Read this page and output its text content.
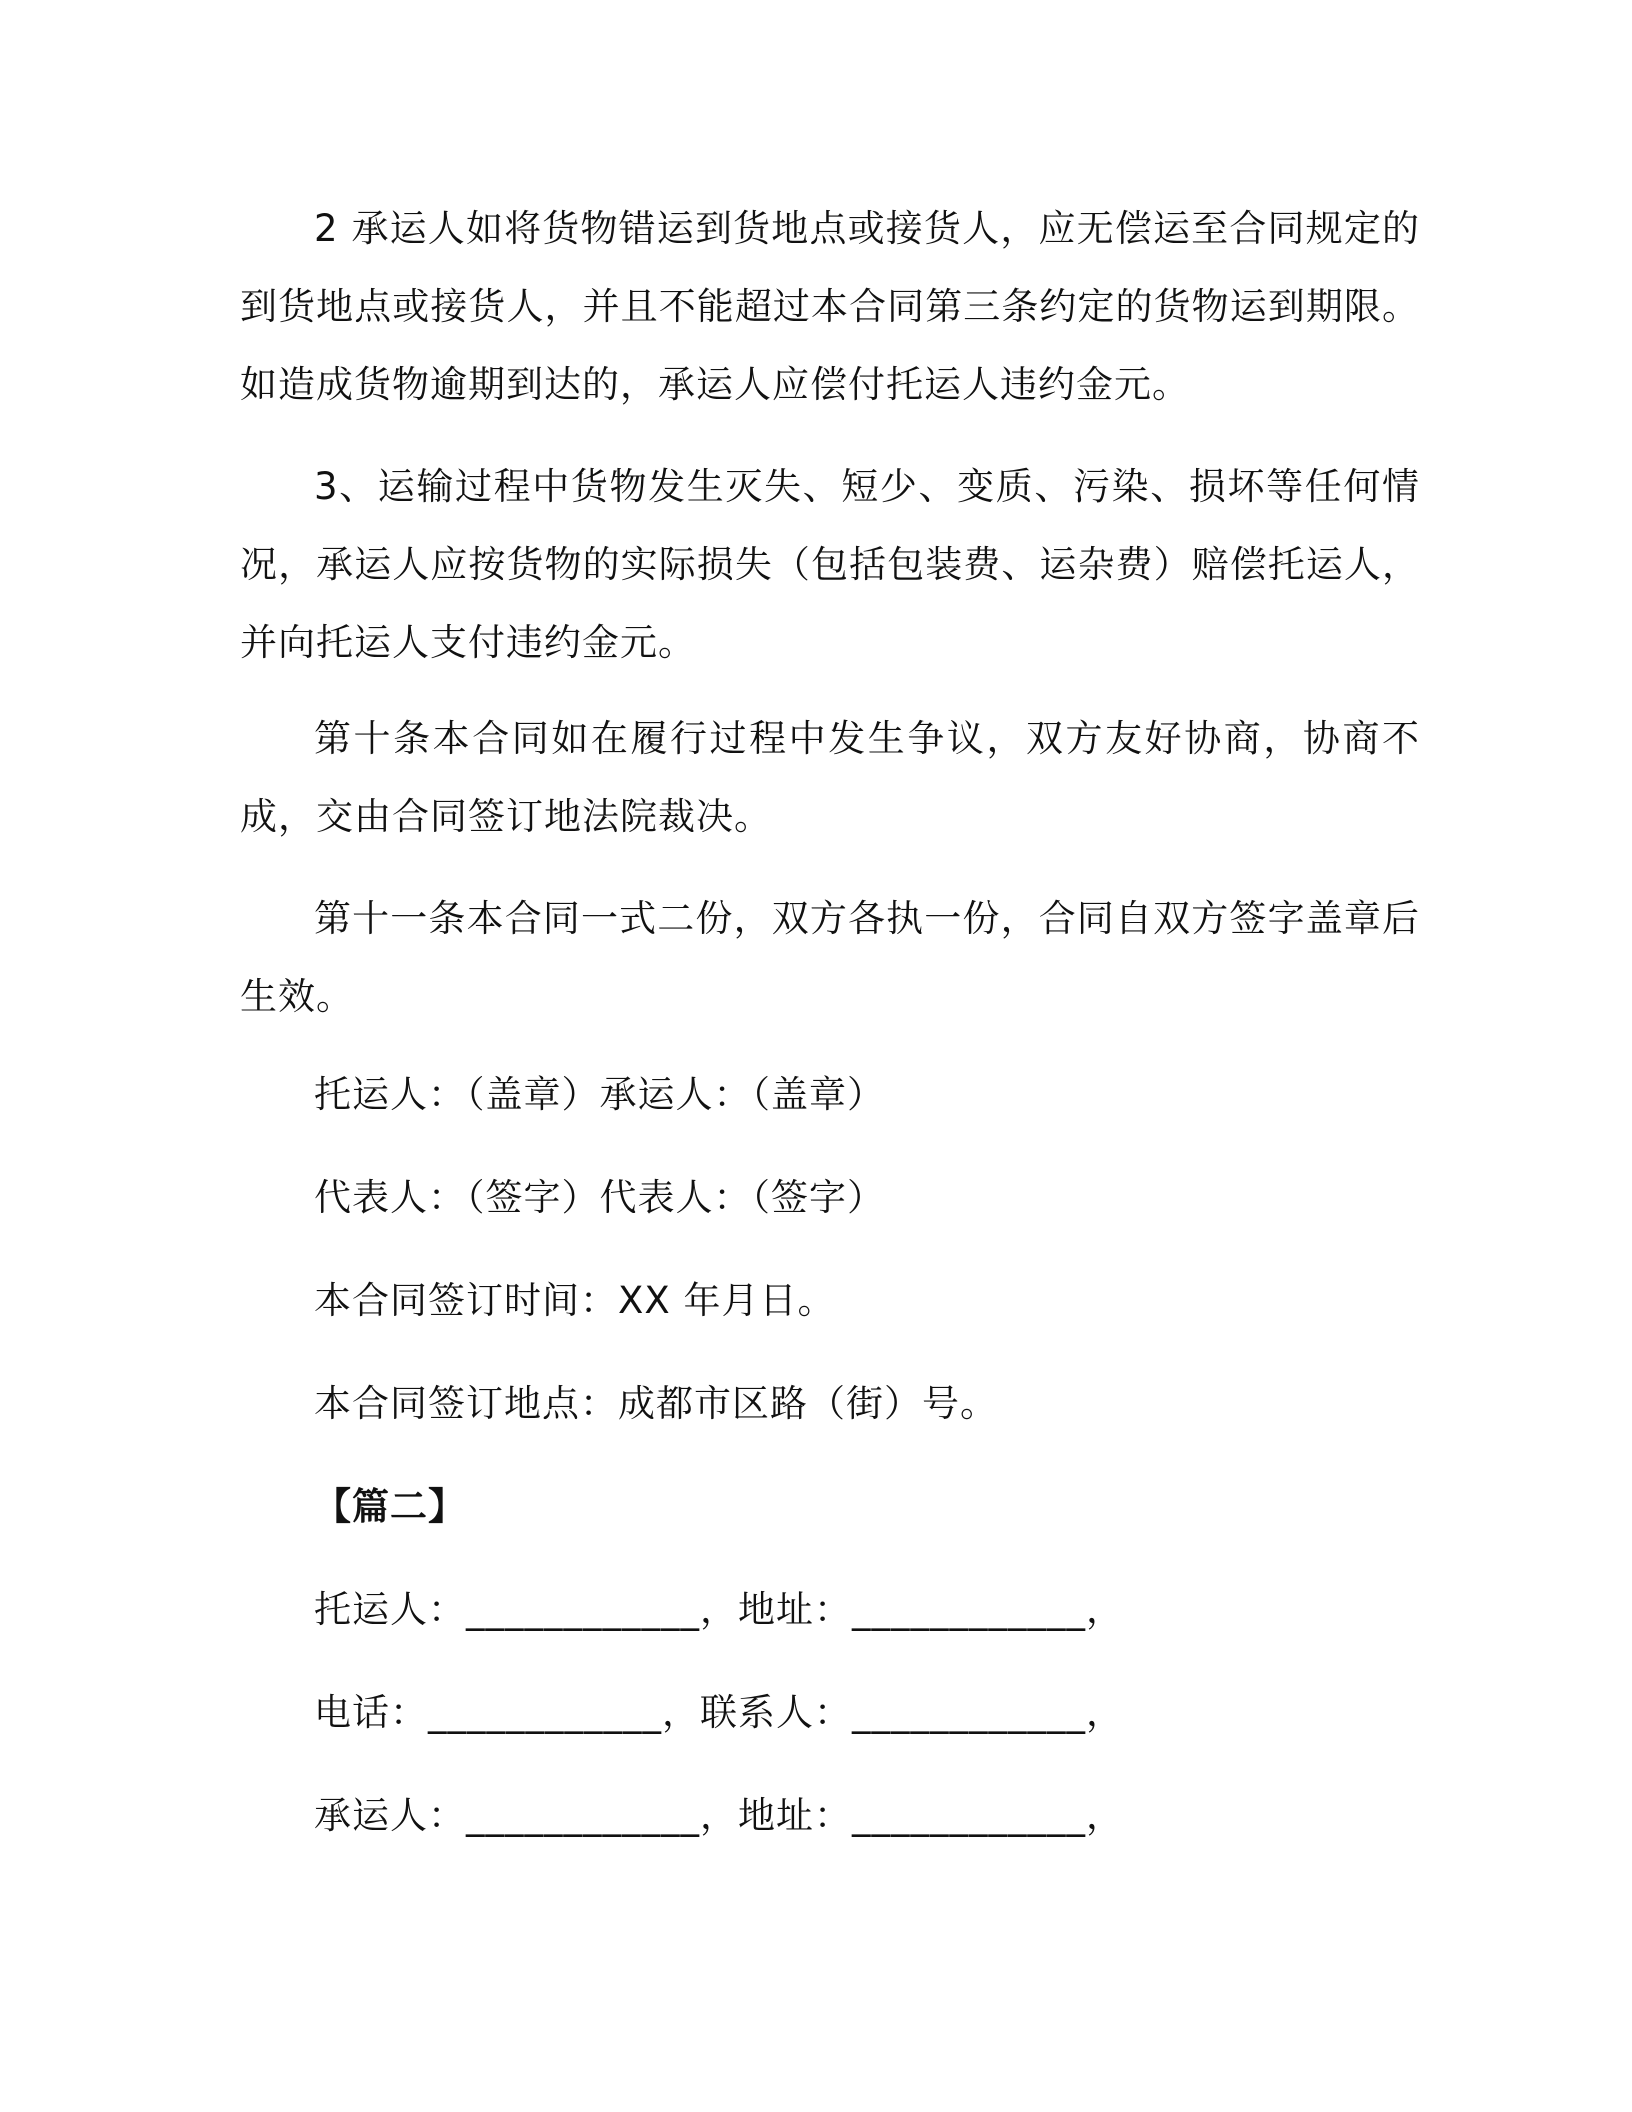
2 承运人如将货物错运到货地点或接货人，应无偿运至合同规定的到货地点或接货人，并且不能超过本合同第三条约定的货物运到期限。如造成货物逾期到达的，承运人应偿付托运人违约金元。

3、运输过程中货物发生灭失、短少、变质、污染、损坏等任何情况，承运人应按货物的实际损失（包括包装费、运杂费）赔偿托运人，并向托运人支付违约金元。

第十条本合同如在履行过程中发生争议，双方友好协商，协商不成，交由合同签订地法院裁决。

第十一条本合同一式二份，双方各执一份，合同自双方签字盖章后生效。

托运人：（盖章）承运人：（盖章）

代表人：（签字）代表人：（签字）

本合同签订时间：XX 年月日。

本合同签订地点：成都市区路（街）号。

【篇二】

托运人：____________，地址：____________，

电话：____________，联系人：____________，

承运人：____________，地址：____________，
